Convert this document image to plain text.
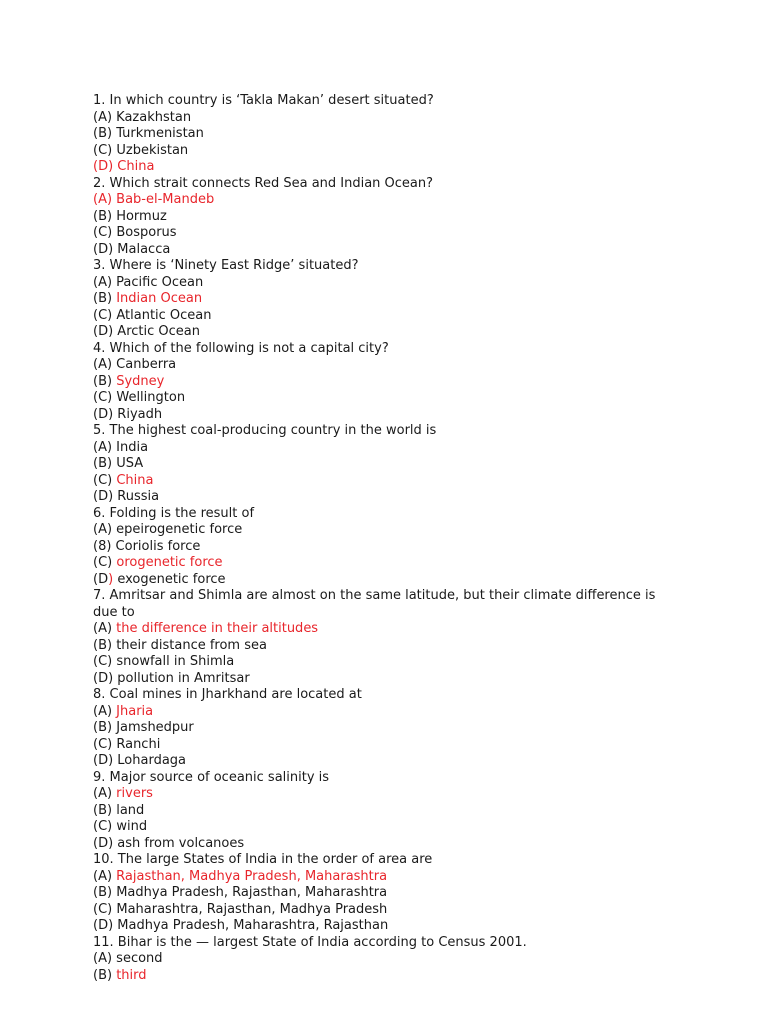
1. In which country is ‘Takla Makan’ desert situated?
(A) Kazakhstan
(B) Turkmenistan
(C) Uzbekistan
(D) China
2. Which strait connects Red Sea and Indian Ocean?
(A) Bab-el-Mandeb
(B) Hormuz
(C) Bosporus
(D) Malacca
3. Where is ‘Ninety East Ridge’ situated?
(A) Pacific Ocean
(B) Indian Ocean
(C) Atlantic Ocean
(D) Arctic Ocean
4. Which of the following is not a capital city?
(A) Canberra
(B) Sydney
(C) Wellington
(D) Riyadh
5. The highest coal-producing country in the world is
(A) India
(B) USA
(C) China
(D) Russia
6. Folding is the result of
(A) epeirogenetic force
(8) Coriolis force
(C) orogenetic force
(D) exogenetic force
7. Amritsar and Shimla are almost on the same latitude, but their climate difference is due to
(A) the difference in their altitudes
(B) their distance from sea
(C) snowfall in Shimla
(D) pollution in Amritsar
8. Coal mines in Jharkhand are located at
(A) Jharia
(B) Jamshedpur
(C) Ranchi
(D) Lohardaga
9. Major source of oceanic salinity is
(A) rivers
(B) land
(C) wind
(D) ash from volcanoes
10. The large States of India in the order of area are
(A) Rajasthan, Madhya Pradesh, Maharashtra
(B) Madhya Pradesh, Rajasthan, Maharashtra
(C) Maharashtra, Rajasthan, Madhya Pradesh
(D) Madhya Pradesh, Maharashtra, Rajasthan
11. Bihar is the — largest State of India according to Census 2001.
(A) second
(B) third
